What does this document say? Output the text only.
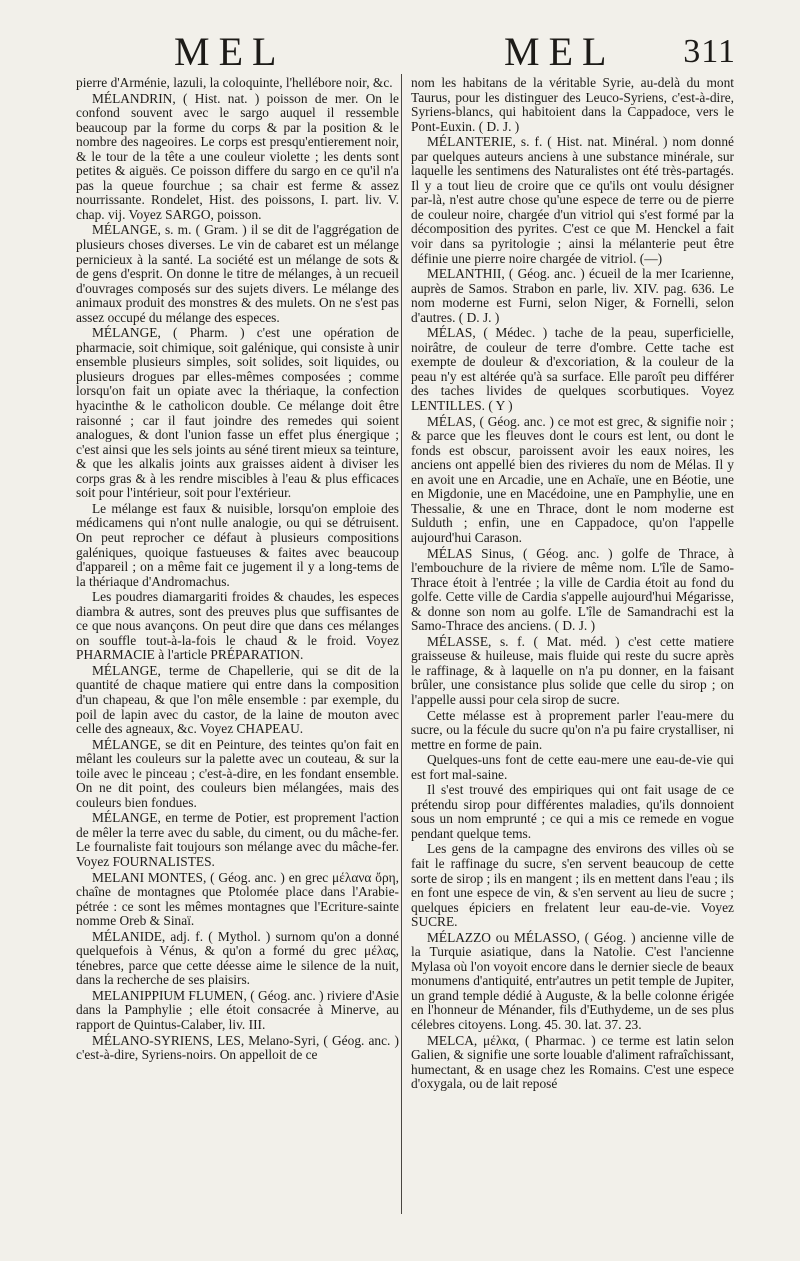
MEL	MEL 311

pierre d'Arménie, lazuli, la coloquinte, l'hellébore noir, &c.

MÉLANDRIN, ( Hist. nat. ) poisson de mer. On le confond souvent avec le sargo auquel il ressemble beaucoup par la forme du corps & par la position & le nombre des nageoires. Le corps est presqu'entierement noir, & le tour de la tête a une couleur violette ; les dents sont petites & aiguës. Ce poisson differe du sargo en ce qu'il n'a pas la queue fourchue ; sa chair est ferme & assez nourrissante. Rondelet, Hist. des poissons, I. part. liv. V. chap. vij. Voyez SARGO, poisson.

MÉLANGE, s. m. ( Gram. ) il se dit de l'aggrégation de plusieurs choses diverses. Le vin de cabaret est un mélange pernicieux à la santé. La société est un mélange de sots & de gens d'esprit. On donne le titre de mélanges, à un recueil d'ouvrages composés sur des sujets divers. Le mélange des animaux produit des monstres & des mulets. On ne s'est pas assez occupé du mélange des especes.

MÉLANGE, ( Pharm. ) c'est une opération de pharmacie, soit chimique, soit galénique, qui consiste à unir ensemble plusieurs simples, soit solides, soit liquides, ou plusieurs drogues par elles-mêmes composées ; comme lorsqu'on fait un opiate avec la thériaque, la confection hyacinthe & le catholicon double. Ce mélange doit être raisonné ; car il faut joindre des remedes qui soient analogues, & dont l'union fasse un effet plus énergique ; c'est ainsi que les sels joints au séné tirent mieux sa teinture, & que les alkalis joints aux graisses aident à diviser les corps gras & à les rendre miscibles à l'eau & plus efficaces soit pour l'intérieur, soit pour l'extérieur.

Le mélange est faux & nuisible, lorsqu'on emploie des médicamens qui n'ont nulle analogie, ou qui se détruisent. On peut reprocher ce défaut à plusieurs compositions galéniques, quoique fastueuses & faites avec beaucoup d'appareil ; on a même fait ce jugement il y a long-tems de la thériaque d'Andromachus.

Les poudres diamargariti froides & chaudes, les especes diambra & autres, sont des preuves plus que suffisantes de ce que nous avançons. On peut dire que dans ces mélanges on souffle tout-à-la-fois le chaud & le froid. Voyez PHARMACIE à l'article PRÉPARATION.

MÉLANGE, terme de Chapellerie, qui se dit de la quantité de chaque matiere qui entre dans la composition d'un chapeau, & que l'on mêle ensemble : par exemple, du poil de lapin avec du castor, de la laine de mouton avec celle des agneaux, &c. Voyez CHAPEAU.

MÉLANGE, se dit en Peinture, des teintes qu'on fait en mêlant les couleurs sur la palette avec un couteau, & sur la toile avec le pinceau ; c'est-à-dire, en les fondant ensemble. On ne dit point, des couleurs bien mélangées, mais des couleurs bien fondues.

MÉLANGE, en terme de Potier, est proprement l'action de mêler la terre avec du sable, du ciment, ou du mâche-fer. Le fournaliste fait toujours son mélange avec du mâche-fer. Voyez FOURNALISTES.

MELANI MONTES, ( Géog. anc. ) en grec μέλανα ὄρη, chaîne de montagnes que Ptolomée place dans l'Arabie-pétrée : ce sont les mêmes montagnes que l'Ecriture-sainte nomme Oreb & Sinaï.

MÉLANIDE, adj. f. ( Mythol. ) surnom qu'on a donné quelquefois à Vénus, & qu'on a formé du grec μέλας, ténebres, parce que cette déesse aime le silence de la nuit, dans la recherche de ses plaisirs.

MELANIPPIUM FLUMEN, ( Géog. anc. ) riviere d'Asie dans la Pamphylie ; elle étoit consacrée à Minerve, au rapport de Quintus-Calaber, liv. III.

MÉLANO-SYRIENS, LES, Melano-Syri, ( Géog. anc. ) c'est-à-dire, Syriens-noirs. On appelloit de ce

nom les habitans de la véritable Syrie, au-delà du mont Taurus, pour les distinguer des Leuco-Syriens, c'est-à-dire, Syriens-blancs, qui habitoient dans la Cappadoce, vers le Pont-Euxin. ( D. J. )

MÉLANTERIE, s. f. ( Hist. nat. Minéral. ) nom donné par quelques auteurs anciens à une substance minérale, sur laquelle les sentimens des Naturalistes ont été très-partagés. Il y a tout lieu de croire que ce qu'ils ont voulu désigner par-là, n'est autre chose qu'une espece de terre ou de pierre de couleur noire, chargée d'un vitriol qui s'est formé par la décomposition des pyrites. C'est ce que M. Henckel a fait voir dans sa pyritologie ; ainsi la mélanterie peut être définie une pierre noire chargée de vitriol. (—)

MELANTHII, ( Géog. anc. ) écueil de la mer Icarienne, auprès de Samos. Strabon en parle, liv. XIV. pag. 636. Le nom moderne est Furni, selon Niger, & Fornelli, selon d'autres. ( D. J. )

MÉLAS, ( Médec. ) tache de la peau, superficielle, noirâtre, de couleur de terre d'ombre. Cette tache est exempte de douleur & d'excoriation, & la couleur de la peau n'y est altérée qu'à sa surface. Elle paroît peu différer des taches livides de quelques scorbutiques. Voyez LENTILLES. ( Y )

MÉLAS, ( Géog. anc. ) ce mot est grec, & signifie noir ; & parce que les fleuves dont le cours est lent, ou dont le fonds est obscur, paroissent avoir les eaux noires, les anciens ont appellé bien des rivieres du nom de Mélas. Il y en avoit une en Arcadie, une en Achaïe, une en Béotie, une en Migdonie, une en Macédoine, une en Pamphylie, une en Thessalie, & une en Thrace, dont le nom moderne est Sulduth ; enfin, une en Cappadoce, qu'on l'appelle aujourd'hui Carason.

MÉLAS Sinus, ( Géog. anc. ) golfe de Thrace, à l'embouchure de la riviere de même nom. L'île de Samo-Thrace étoit à l'entrée ; la ville de Cardia étoit au fond du golfe. Cette ville de Cardia s'appelle aujourd'hui Mégarisse, & donne son nom au golfe. L'île de Samandrachi est la Samo-Thrace des anciens. ( D. J. )

MÉLASSE, s. f. ( Mat. méd. ) c'est cette matiere graisseuse & huileuse, mais fluide qui reste du sucre après le raffinage, & à laquelle on n'a pu donner, en la faisant brûler, une consistance plus solide que celle du sirop ; on l'appelle aussi pour cela sirop de sucre.

Cette mélasse est à proprement parler l'eau-mere du sucre, ou la fécule du sucre qu'on n'a pu faire crystalliser, ni mettre en forme de pain.

Quelques-uns font de cette eau-mere une eau-de-vie qui est fort mal-saine.

Il s'est trouvé des empiriques qui ont fait usage de ce prétendu sirop pour différentes maladies, qu'ils donnoient sous un nom emprunté ; ce qui a mis ce remede en vogue pendant quelque tems.

Les gens de la campagne des environs des villes où se fait le raffinage du sucre, s'en servent beaucoup de cette sorte de sirop ; ils en mangent ; ils en mettent dans l'eau ; ils en font une espece de vin, & s'en servent au lieu de sucre ; quelques épiciers en frelatent leur eau-de-vie. Voyez SUCRE.

MÉLAZZO ou MÉLASSO, ( Géog. ) ancienne ville de la Turquie asiatique, dans la Natolie. C'est l'ancienne Mylasa où l'on voyoit encore dans le dernier siecle de beaux monumens d'antiquité, entr'autres un petit temple de Jupiter, un grand temple dédié à Auguste, & la belle colonne érigée en l'honneur de Ménander, fils d'Euthydeme, un de ses plus célebres citoyens. Long. 45. 30. lat. 37. 23.

MELCA, μέλκα, ( Pharmac. ) ce terme est latin selon Galien, & signifie une sorte louable d'aliment rafraîchissant, humectant, & en usage chez les Romains. C'est une espece d'oxygala, ou de lait reposé
